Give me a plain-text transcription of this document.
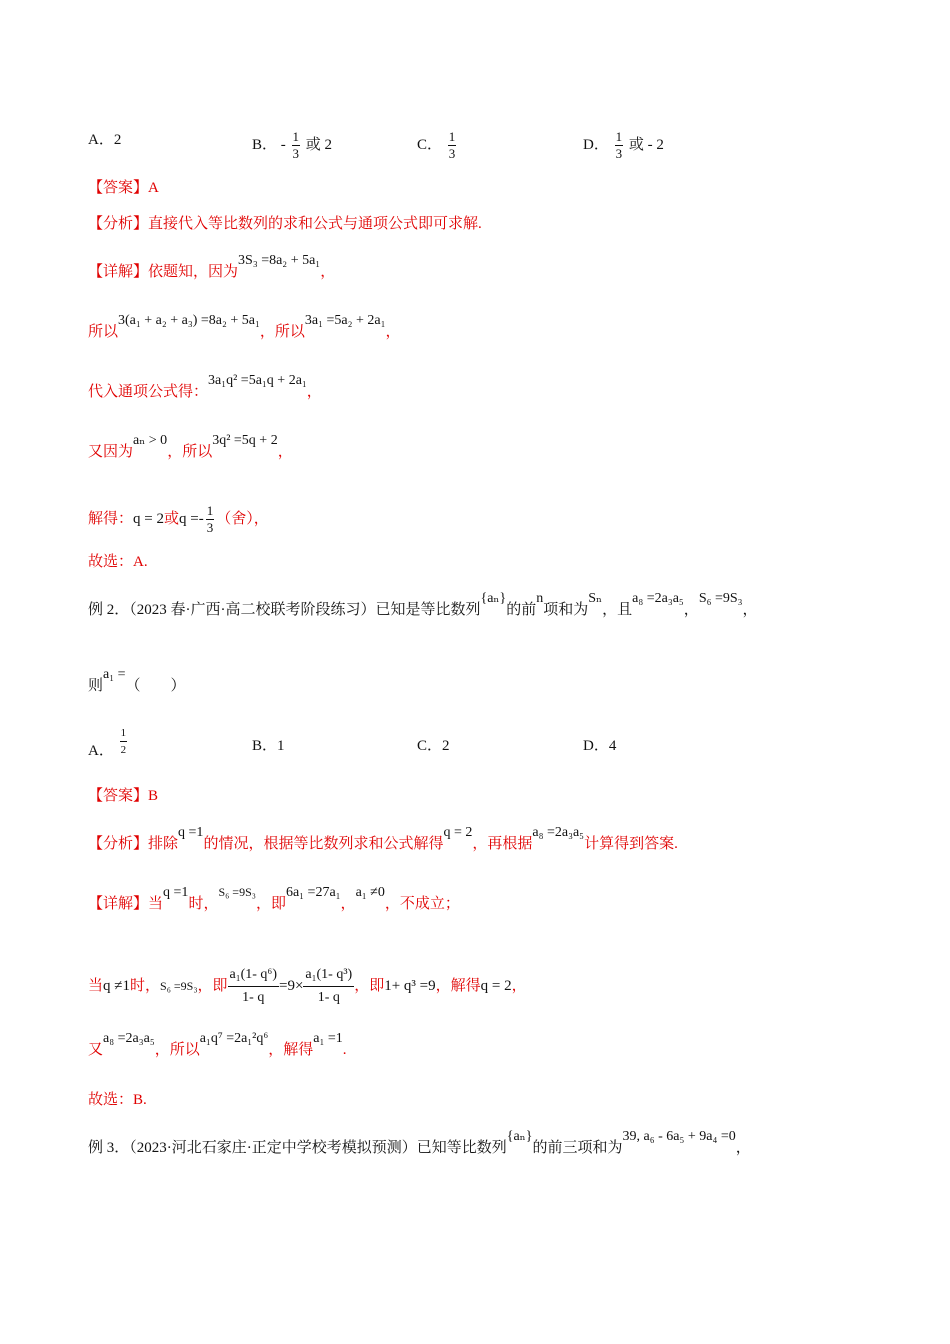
A．2	B． - $\frac{1}{3}$ 或 2	C． $\frac{1}{3}$	D． $\frac{1}{3}$ 或 - 2
【答案】A
【分析】直接代入等比数列的求和公式与通项公式即可求解.
【详解】依题知，因为3S₃ =8a₂ + 5a₁，
所以3(a₁ + a₂ + a₃) =8a₂ + 5a₁，所以3a₁ =5a₂ + 2a₁，
代入通项公式得：3a₁q² =5a₁q + 2a₁，
又因为aₙ > 0，所以3q² =5q + 2，
解得：q = 2或$q =- \frac{1}{3}$ （舍），
故选：A.
例 2．（2023 春·广西·高二校联考阶段练习）已知是等比数列{aₙ}的前n项和为Sₙ，且a₈ =2a₃a₅，S₆ =9S₃，
则a₁ =（　　）
A． $\frac{1}{2}$	B．1	C．2	D．4
【答案】B
【分析】排除q =1的情况，根据等比数列求和公式解得q = 2，再根据a₈ =2a₃a₅计算得到答案.
【详解】当q =1时，$^{S_6 =9S_3}$，即6a₁ =27a₁，a₁ ≠0，不成立；
当q ≠1时，S₆ =9S₃，即 $\frac{\text{a₁(1- q⁶)}}{1- q} =9\times \frac{\text{a₁(1- q³)}}{1- q}$ ，即1+ q³ =9，解得q = 2，
又a₈ =2a₃a₅，所以a₁q⁷ =2a₁²q⁶，解得a₁ =1.
故选：B.
例 3．（2023·河北石家庄·正定中学校考模拟预测）已知等比数列{aₙ}的前三项和为39, a₆ - 6a₅ + 9a₄ =0，
